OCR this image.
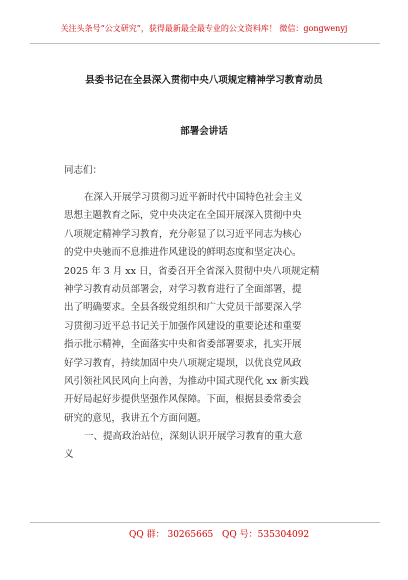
关注头条号“公文研究”，获得最新最全最专业的公文资料库！ 微信：gongwenyj
县委书记在全县深入贯彻中央八项规定精神学习教育动员
部署会讲话
同志们：
在深入开展学习贯彻习近平新时代中国特色社会主义
思想主题教育之际，党中央决定在全国开展深入贯彻中央
八项规定精神学习教育，充分彰显了以习近平同志为核心
的党中央驰而不息推进作风建设的鲜明态度和坚定决心。
2025 年 3 月 xx 日，省委召开全省深入贯彻中央八项规定精
神学习教育动员部署会，对学习教育进行了全面部署，提
出了明确要求。全县各级党组织和广大党员干部要深入学
习贯彻习近平总书记关于加强作风建设的重要论述和重要
指示批示精神，全面落实中央和省委部署要求，扎实开展
好学习教育，持续加固中央八项规定堤坝，以优良党风政
风引领社风民风向上向善，为推动中国式现代化 xx 新实践
开好局起好步提供坚强作风保障。下面，根据县委常委会
研究的意见，我讲五个方面问题。
一、提高政治站位，深刻认识开展学习教育的重大意
义
QQ 群： 30265665 QQ 号：535304092
